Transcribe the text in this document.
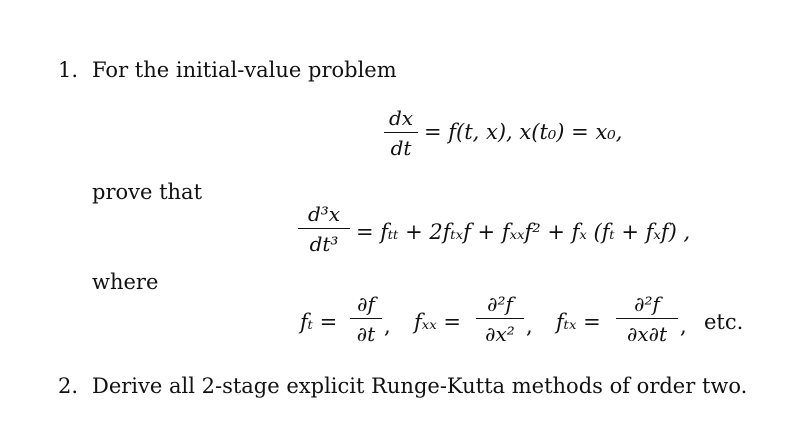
1. For the initial-value problem
dx
dt
= f(t, x), x(t₀) = x₀,
prove that
d³x
dt³
= fₜₜ + 2fₜₓf + fₓₓf² + fₓ (fₜ + fₓf) ,
where
fₜ =
∂f
∂t , fₓₓ =
∂²f
∂x² , fₜₓ =
∂²f
∂x∂t , etc.
2. Derive all 2-stage explicit Runge-Kutta methods of order two.
